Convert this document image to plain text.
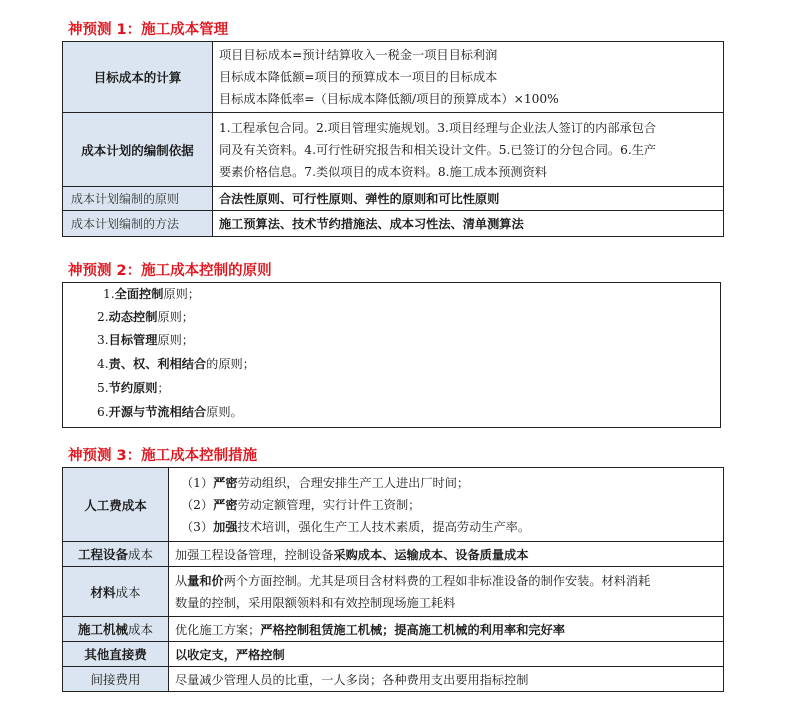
神预测 1：施工成本管理
目标成本的计算	项目目标成本=预计结算收入一税金一项目目标利润
目标成本降低额=项目的预算成本一项目的目标成本
目标成本降低率=（目标成本降低额/项目的预算成本）×100%

成本计划的编制依据	1.工程承包合同。2.项目管理实施规划。3.项目经理与企业法人签订的内部承包合
同及有关资料。4.可行性研究报告和相关设计文件。5.已签订的分包合同。6.生产
要素价格信息。7.类似项目的成本资料。8.施工成本预测资料

成本计划编制的原则	合法性原则、可行性原则、弹性的原则和可比性原则
成本计划编制的方法	施工预算法、技术节约措施法、成本习性法、清单测算法
神预测 2：施工成本控制的原则
1.全面控制原则；
2.动态控制原则；
3.目标管理原则；
4.责、权、利相结合的原则；
5.节约原则；
6.开源与节流相结合原则。
神预测 3：施工成本控制措施
人工费成本	（1）严密劳动组织，合理安排生产工人进出厂时间；
（2）严密劳动定额管理，实行计件工资制；
（3）加强技术培训，强化生产工人技术素质，提高劳动生产率。

工程设备成本	加强工程设备管理，控制设备采购成本、运输成本、设备质量成本
材料成本	从量和价两个方面控制。尤其是项目含材料费的工程如非标准设备的制作安装。材料消耗
数量的控制，采用限额领料和有效控制现场施工耗料

施工机械成本	优化施工方案；严格控制租赁施工机械；提高施工机械的利用率和完好率
其他直接费	以收定支，严格控制
间接费用	尽量减少管理人员的比重，一人多岗；各种费用支出要用指标控制
